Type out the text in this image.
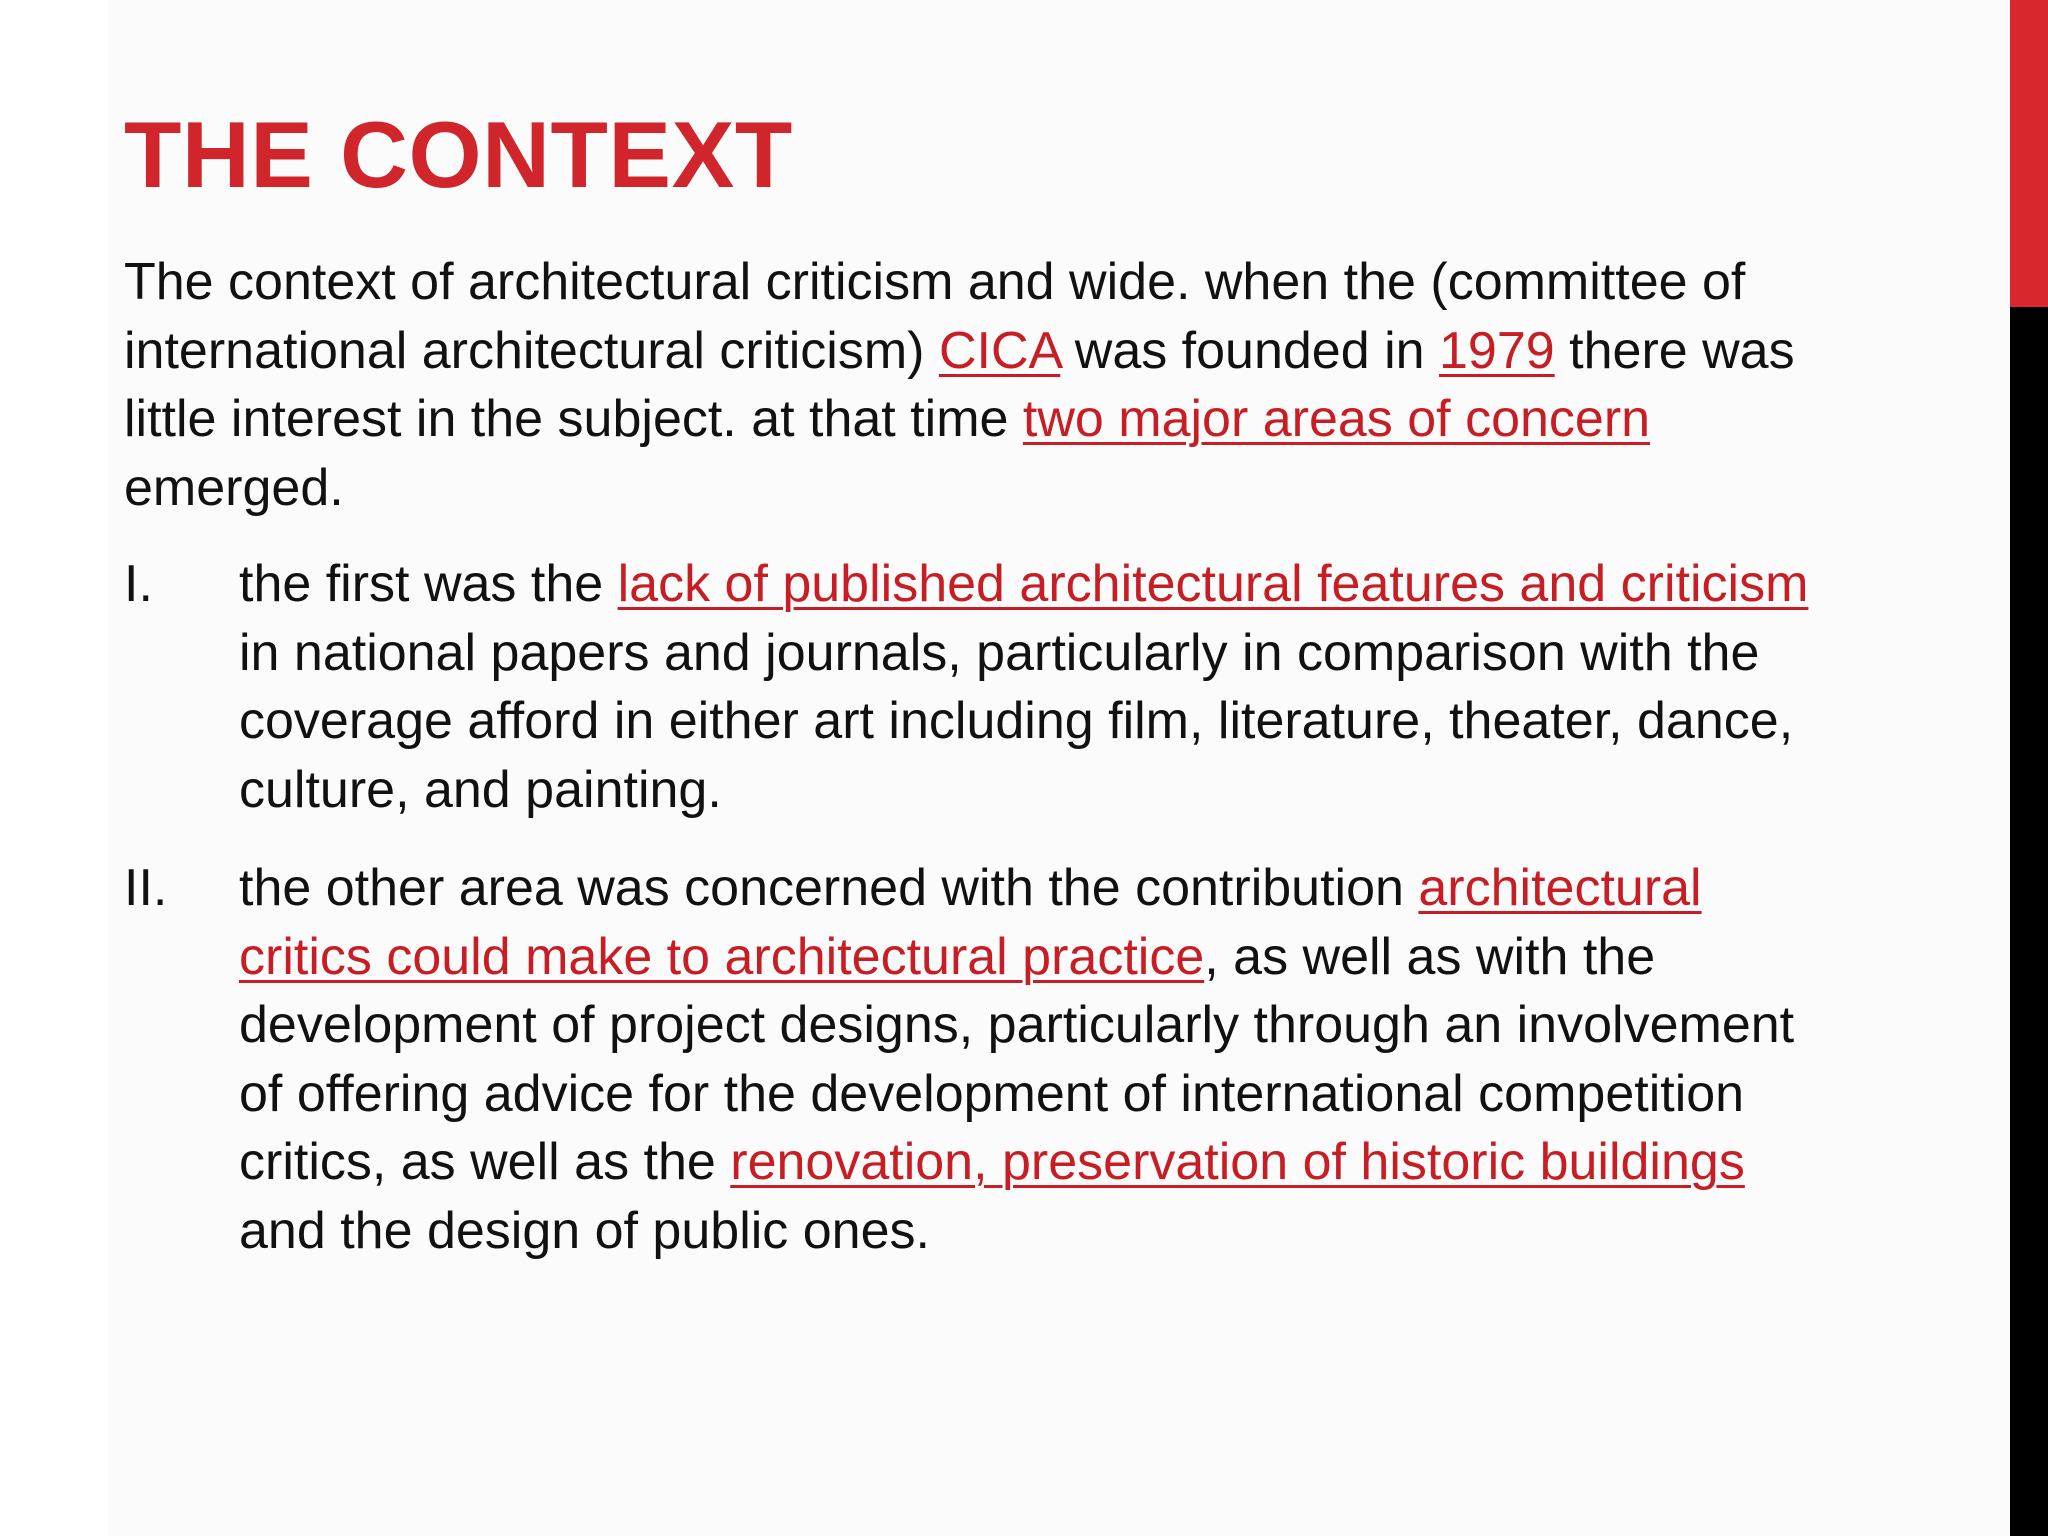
THE CONTEXT

The context of architectural criticism and wide. when the (committee of international architectural criticism) CICA was founded in 1979 there was little interest in the subject. at that time two major areas of concern emerged.

I.	the first was the lack of published architectural features and criticism in national papers and journals, particularly in comparison with the coverage afford in either art including film, literature, theater, dance, culture, and painting.
II.	the other area was concerned with the contribution architectural critics could make to architectural practice, as well as with the development of project designs, particularly through an involvement of offering advice for the development of international competition critics, as well as the renovation, preservation of historic buildings and the design of public ones.
